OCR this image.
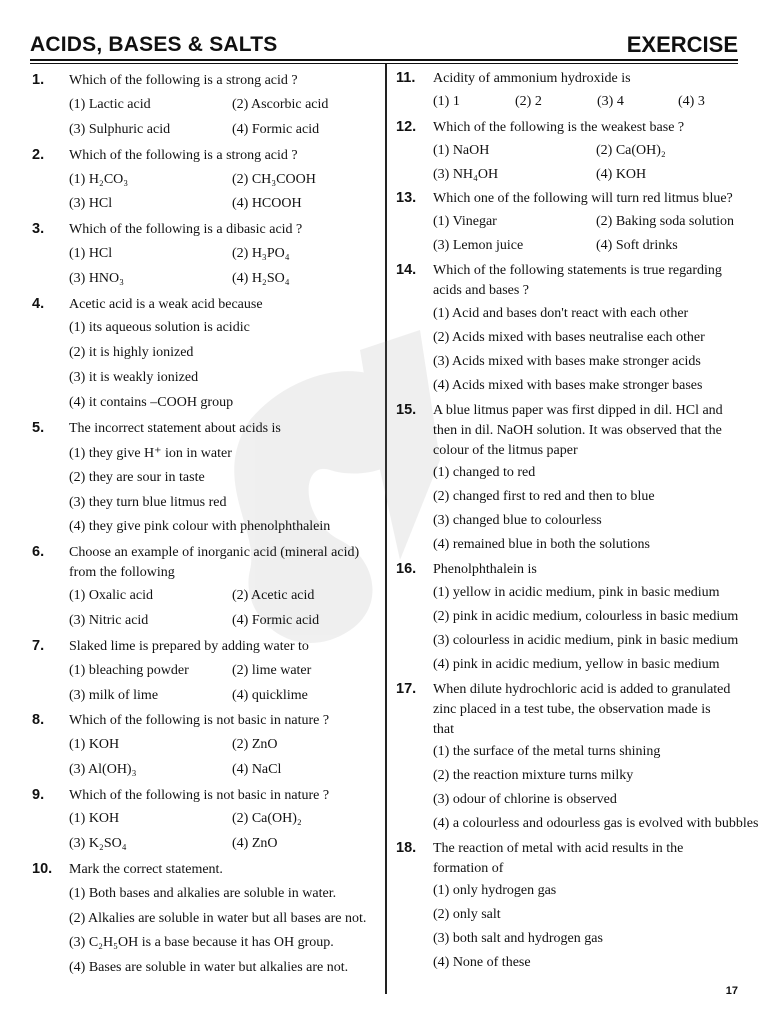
ACIDS, BASES & SALTS	EXERCISE
1. Which of the following is a strong acid ?
(1) Lactic acid	(2) Ascorbic acid
(3) Sulphuric acid	(4) Formic acid
2. Which of the following is a strong acid ?
(1) H₂CO₃	(2) CH₃COOH
(3) HCl	(4) HCOOH
3. Which of the following is a dibasic acid ?
(1) HCl	(2) H₃PO₄
(3) HNO₃	(4) H₂SO₄
4. Acetic acid is a weak acid because
(1) its aqueous solution is acidic
(2) it is highly ionized
(3) it is weakly ionized
(4) it contains –COOH group
5. The incorrect statement about acids is
(1) they give H⁺ ion in water
(2) they are sour in taste
(3) they turn blue litmus red
(4) they give pink colour with phenolphthalein
6. Choose an example of inorganic acid (mineral acid)
from the following
(1) Oxalic acid	(2) Acetic acid
(3) Nitric acid	(4) Formic acid
7. Slaked lime is prepared by adding water to
(1) bleaching powder	(2) lime water
(3) milk of lime	(4) quicklime
8. Which of the following is not basic in nature ?
(1) KOH	(2) ZnO
(3) Al(OH)₃	(4) NaCl
9. Which of the following is not basic in nature ?
(1) KOH	(2) Ca(OH)₂
(3) K₂SO₄	(4) ZnO
10. Mark the correct statement.
(1) Both bases and alkalies are soluble in water.
(2) Alkalies are soluble in water but all bases are not.
(3) C₂H₅OH is a base because it has OH group.
(4) Bases are soluble in water but alkalies are not.
11. Acidity of ammonium hydroxide is
(1) 1	(2) 2	(3) 4	(4) 3
12. Which of the following is the weakest base ?
(1) NaOH	(2) Ca(OH)₂
(3) NH₄OH	(4) KOH
13. Which one of the following will turn red litmus blue?
(1) Vinegar	(2) Baking soda solution
(3) Lemon juice	(4) Soft drinks
14. Which of the following statements is true regarding
acids and bases ?
(1) Acid and bases don't react with each other
(2) Acids mixed with bases neutralise each other
(3) Acids mixed with bases make stronger acids
(4) Acids mixed with bases make stronger bases
15. A blue litmus paper was first dipped in dil. HCl and
then in dil. NaOH solution. It was observed that the
colour of the litmus paper
(1) changed to red
(2) changed first to red and then to blue
(3) changed blue to colourless
(4) remained blue in both the solutions
16. Phenolphthalein is
(1) yellow in acidic medium, pink in basic medium
(2) pink in acidic medium, colourless in basic medium
(3) colourless in acidic medium, pink in basic medium
(4) pink in acidic medium, yellow in basic medium
17. When dilute hydrochloric acid is added to granulated
zinc placed in a test tube, the observation made is
that
(1) the surface of the metal turns shining
(2) the reaction mixture turns milky
(3) odour of chlorine is observed
(4) a colourless and odourless gas is evolved with bubbles
18. The reaction of metal with acid results in the
formation of
(1) only hydrogen gas
(2) only salt
(3) both salt and hydrogen gas
(4) None of these
17
